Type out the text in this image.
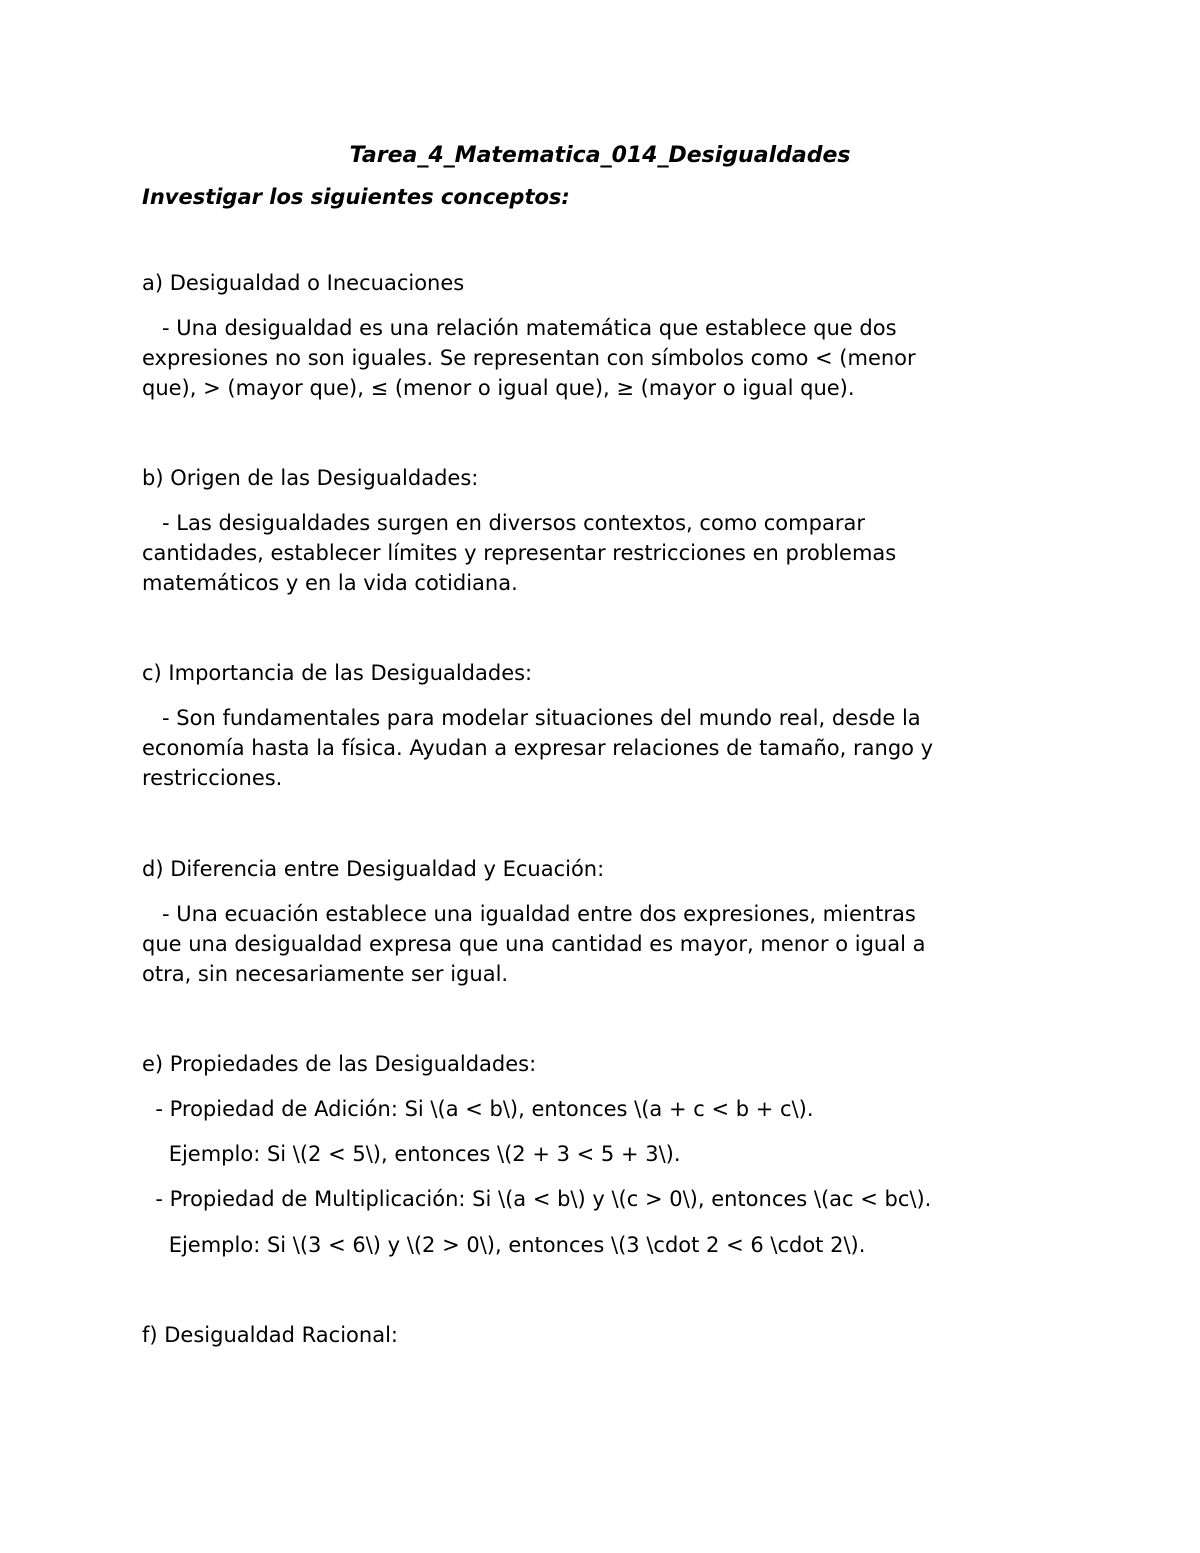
Tarea_4_Matematica_014_Desigualdades
Investigar los siguientes conceptos:
a) Desigualdad o Inecuaciones
- Una desigualdad es una relación matemática que establece que dos
expresiones no son iguales. Se representan con símbolos como < (menor
que), > (mayor que), ≤ (menor o igual que), ≥ (mayor o igual que).
b) Origen de las Desigualdades:
- Las desigualdades surgen en diversos contextos, como comparar
cantidades, establecer límites y representar restricciones en problemas
matemáticos y en la vida cotidiana.
c) Importancia de las Desigualdades:
- Son fundamentales para modelar situaciones del mundo real, desde la
economía hasta la física. Ayudan a expresar relaciones de tamaño, rango y
restricciones.
d) Diferencia entre Desigualdad y Ecuación:
- Una ecuación establece una igualdad entre dos expresiones, mientras
que una desigualdad expresa que una cantidad es mayor, menor o igual a
otra, sin necesariamente ser igual.
e) Propiedades de las Desigualdades:
- Propiedad de Adición: Si \(a < b\), entonces \(a + c < b + c\).
Ejemplo: Si \(2 < 5\), entonces \(2 + 3 < 5 + 3\).
- Propiedad de Multiplicación: Si \(a < b\) y \(c > 0\), entonces \(ac < bc\).
Ejemplo: Si \(3 < 6\) y \(2 > 0\), entonces \(3 \cdot 2 < 6 \cdot 2\).
f) Desigualdad Racional:
